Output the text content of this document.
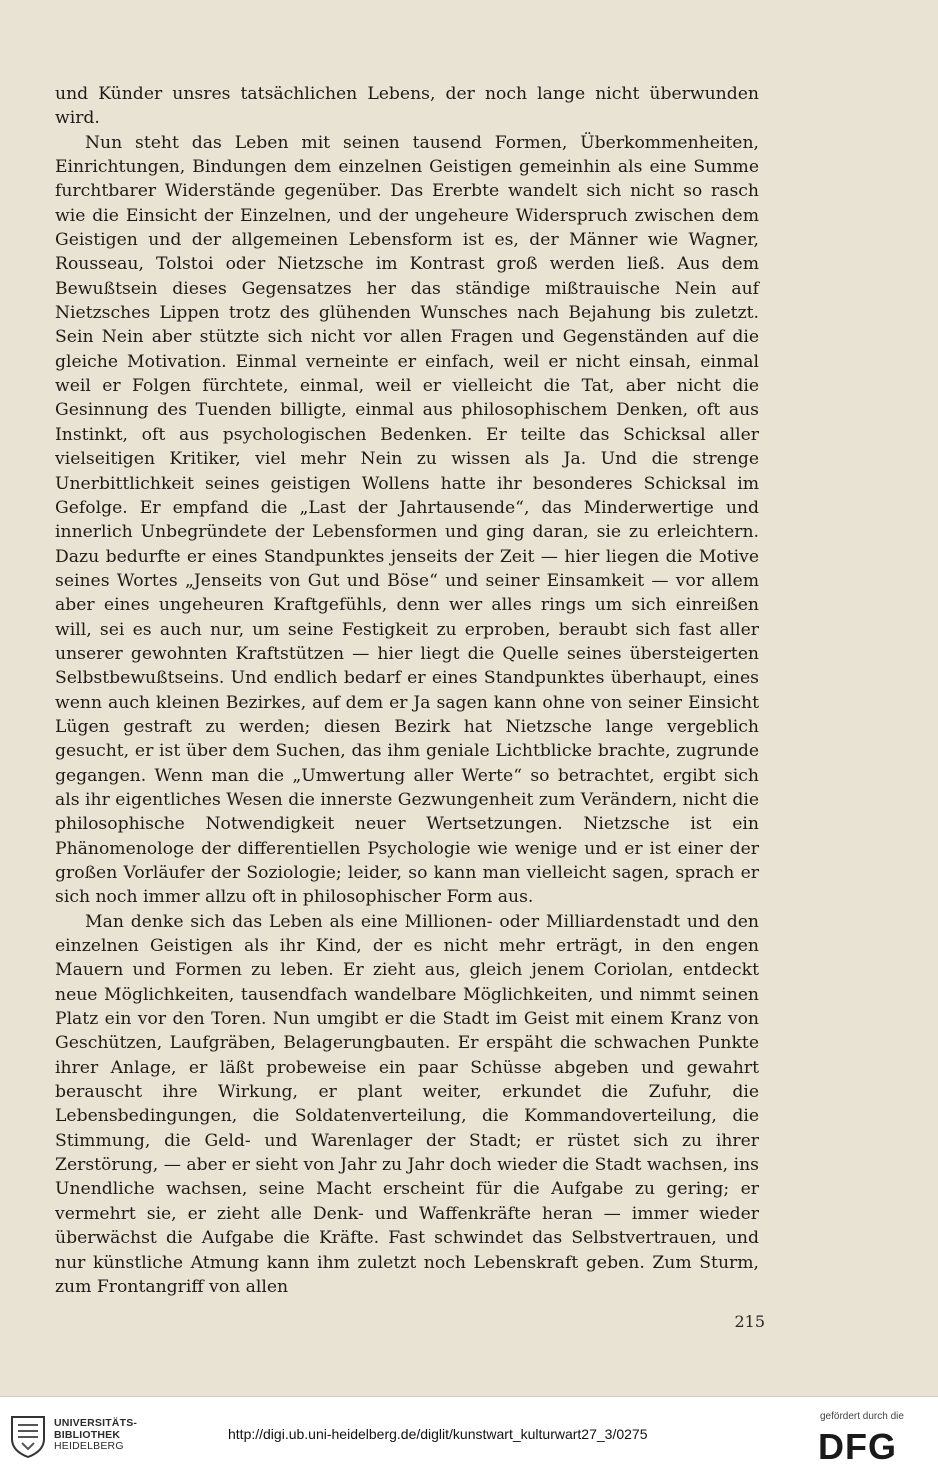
und Künder unsres tatsächlichen Lebens, der noch lange nicht überwunden wird.

Nun steht das Leben mit seinen tausend Formen, Überkommenheiten, Einrichtungen, Bindungen dem einzelnen Geistigen gemeinhin als eine Summe furchtbarer Widerstände gegenüber. Das Ererbte wandelt sich nicht so rasch wie die Einsicht der Einzelnen, und der ungeheure Widerspruch zwischen dem Geistigen und der allgemeinen Lebensform ist es, der Männer wie Wagner, Rousseau, Tolstoi oder Nietzsche im Kontrast groß werden ließ. Aus dem Bewußtsein dieses Gegensatzes her das ständige mißtrauische Nein auf Nietzsches Lippen trotz des glühenden Wunsches nach Bejahung bis zuletzt. Sein Nein aber stützte sich nicht vor allen Fragen und Gegenständen auf die gleiche Motivation. Einmal verneinte er einfach, weil er nicht einsah, einmal weil er Folgen fürchtete, einmal, weil er vielleicht die Tat, aber nicht die Gesinnung des Tuenden billigte, einmal aus philosophischem Denken, oft aus Instinkt, oft aus psychologischen Bedenken. Er teilte das Schicksal aller vielseitigen Kritiker, viel mehr Nein zu wissen als Ja. Und die strenge Unerbittlichkeit seines geistigen Wollens hatte ihr besonderes Schicksal im Gefolge. Er empfand die „Last der Jahrtausende“, das Minderwertige und innerlich Unbegründete der Lebensformen und ging daran, sie zu erleichtern. Dazu bedurfte er eines Standpunktes jenseits der Zeit — hier liegen die Motive seines Wortes „Jenseits von Gut und Böse“ und seiner Einsamkeit — vor allem aber eines ungeheuren Kraftgefühls, denn wer alles rings um sich einreißen will, sei es auch nur, um seine Festigkeit zu erproben, beraubt sich fast aller unserer gewohnten Kraftstützen — hier liegt die Quelle seines übersteigerten Selbstbewußtseins. Und endlich bedarf er eines Standpunktes überhaupt, eines wenn auch kleinen Bezirkes, auf dem er Ja sagen kann ohne von seiner Einsicht Lügen gestraft zu werden; diesen Bezirk hat Nietzsche lange vergeblich gesucht, er ist über dem Suchen, das ihm geniale Lichtblicke brachte, zugrunde gegangen. Wenn man die „Umwertung aller Werte“ so betrachtet, ergibt sich als ihr eigentliches Wesen die innerste Gezwungenheit zum Verändern, nicht die philosophische Notwendigkeit neuer Wertsetzungen. Nietzsche ist ein Phänomenologe der differentiellen Psychologie wie wenige und er ist einer der großen Vorläufer der Soziologie; leider, so kann man vielleicht sagen, sprach er sich noch immer allzu oft in philosophischer Form aus.

Man denke sich das Leben als eine Millionen- oder Milliardenstadt und den einzelnen Geistigen als ihr Kind, der es nicht mehr erträgt, in den engen Mauern und Formen zu leben. Er zieht aus, gleich jenem Coriolan, entdeckt neue Möglichkeiten, tausendfach wandelbare Möglichkeiten, und nimmt seinen Platz ein vor den Toren. Nun umgibt er die Stadt im Geist mit einem Kranz von Geschützen, Laufgräben, Belagerungbauten. Er erspäht die schwachen Punkte ihrer Anlage, er läßt probeweise ein paar Schüsse abgeben und gewahrt berauscht ihre Wirkung, er plant weiter, erkundet die Zufuhr, die Lebensbedingungen, die Soldatenverteilung, die Kommandoverteilung, die Stimmung, die Geld- und Warenlager der Stadt; er rüstet sich zu ihrer Zerstörung, — aber er sieht von Jahr zu Jahr doch wieder die Stadt wachsen, ins Unendliche wachsen, seine Macht erscheint für die Aufgabe zu gering; er vermehrt sie, er zieht alle Denk- und Waffenkräfte heran — immer wieder überwächst die Aufgabe die Kräfte. Fast schwindet das Selbstvertrauen, und nur künstliche Atmung kann ihm zuletzt noch Lebenskraft geben. Zum Sturm, zum Frontangriff von allen

215
UNIVERSITÄTS-
BIBLIOTHEK
HEIDELBERG
http://digi.ub.uni-heidelberg.de/diglit/kunstwart_kulturwart27_3/0275
gefördert durch die
DFG
